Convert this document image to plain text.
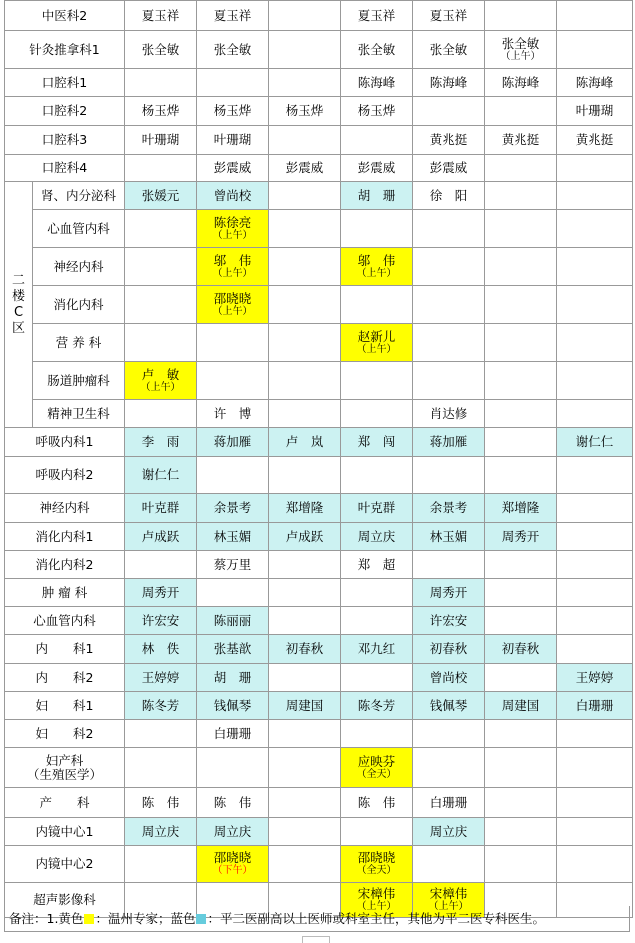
中医科2		夏玉祥	夏玉祥		夏玉祥	夏玉祥		

针灸推拿科1		张全敏	张全敏		张全敏	张全敏	张全敏
（上午）	

口腔科1					陈海峰	陈海峰	陈海峰	陈海峰

口腔科2		杨玉烨	杨玉烨	杨玉烨	杨玉烨			叶珊瑚

口腔科3		叶珊瑚	叶珊瑚			黄兆挺	黄兆挺	黄兆挺

口腔科4			彭震威	彭震威	彭震威	彭震威		

二楼C区	肾、内分泌科	张媛元	曾尚校		胡　珊	徐　阳		

	心血管内科		陈徐亮
（上午）					

	神经内科		邬　伟
（上午）		邬　伟
（上午）			

	消化内科		邵晓晓
（上午）					

	营 养 科				赵新儿
（上午）			

	肠道肿瘤科	卢　敏
（上午）						

	精神卫生科		许　博			肖达修		

呼吸内科1		李　雨	蒋加雁	卢　岚	郑　闯	蒋加雁		谢仁仁

呼吸内科2		谢仁仁						

神经内科		叶克群	余景考	郑增隆	叶克群	余景考	郑增隆	

消化内科1		卢成跃	林玉媚	卢成跃	周立庆	林玉媚	周秀开	

消化内科2			蔡万里		郑　超			

肿 瘤 科		周秀开				周秀开		

心血管内科		许宏安	陈丽丽			许宏安		

内　　科1		林　佚	张基歆	初春秋	邓九红	初春秋	初春秋	

内　　科2		王婷婷	胡　珊			曾尚校		王婷婷

妇　　科1		陈冬芳	钱佩琴	周建国	陈冬芳	钱佩琴	周建国	白珊珊

妇　　科2			白珊珊					

妇产科
（生殖医学）					应映芬
（全天）			

产　　科		陈　伟	陈　伟		陈　伟	白珊珊		

内镜中心1		周立庆	周立庆			周立庆		

内镜中心2			邵晓晓
（下午）		邵晓晓
（全天）			

超声影像科					宋樟伟
（上午）	宋樟伟
（上午）		

备注：1.黄色 ：温州专家；蓝色 ：平二医副高以上医师或科室主任，其他为平二医专科医生。
